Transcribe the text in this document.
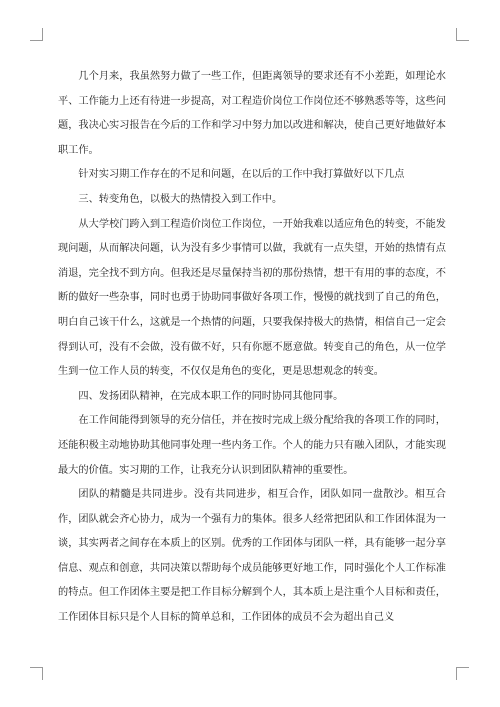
几个月来，我虽然努力做了一些工作，但距离领导的要求还有不小差距，如理论水平、工作能力上还有待进一步提高，对工程造价岗位工作岗位还不够熟悉等等，这些问题，我决心实习报告在今后的工作和学习中努力加以改进和解决，使自己更好地做好本职工作。

针对实习期工作存在的不足和问题，在以后的工作中我打算做好以下几点

三、转变角色，以极大的热情投入到工作中。

从大学校门跨入到工程造价岗位工作岗位，一开始我难以适应角色的转变，不能发现问题，从而解决问题，认为没有多少事情可以做，我就有一点失望，开始的热情有点消退，完全找不到方向。但我还是尽量保持当初的那份热情，想干有用的事的态度，不断的做好一些杂事，同时也勇于协助同事做好各项工作，慢慢的就找到了自己的角色，明白自己该干什么，这就是一个热情的问题，只要我保持极大的热情，相信自己一定会得到认可，没有不会做，没有做不好，只有你愿不愿意做。转变自己的角色，从一位学生到一位工作人员的转变，不仅仅是角色的变化，更是思想观念的转变。

四、发扬团队精神，在完成本职工作的同时协同其他同事。

在工作间能得到领导的充分信任，并在按时完成上级分配给我的各项工作的同时，还能积极主动地协助其他同事处理一些内务工作。个人的能力只有融入团队，才能实现最大的价值。实习期的工作，让我充分认识到团队精神的重要性。

团队的精髓是共同进步。没有共同进步，相互合作，团队如同一盘散沙。相互合作，团队就会齐心协力，成为一个强有力的集体。很多人经常把团队和工作团体混为一谈，其实两者之间存在本质上的区别。优秀的工作团体与团队一样，具有能够一起分享信息、观点和创意，共同决策以帮助每个成员能够更好地工作，同时强化个人工作标准的特点。但工作团体主要是把工作目标分解到个人，其本质上是注重个人目标和责任，工作团体目标只是个人目标的简单总和，工作团体的成员不会为超出自己义
